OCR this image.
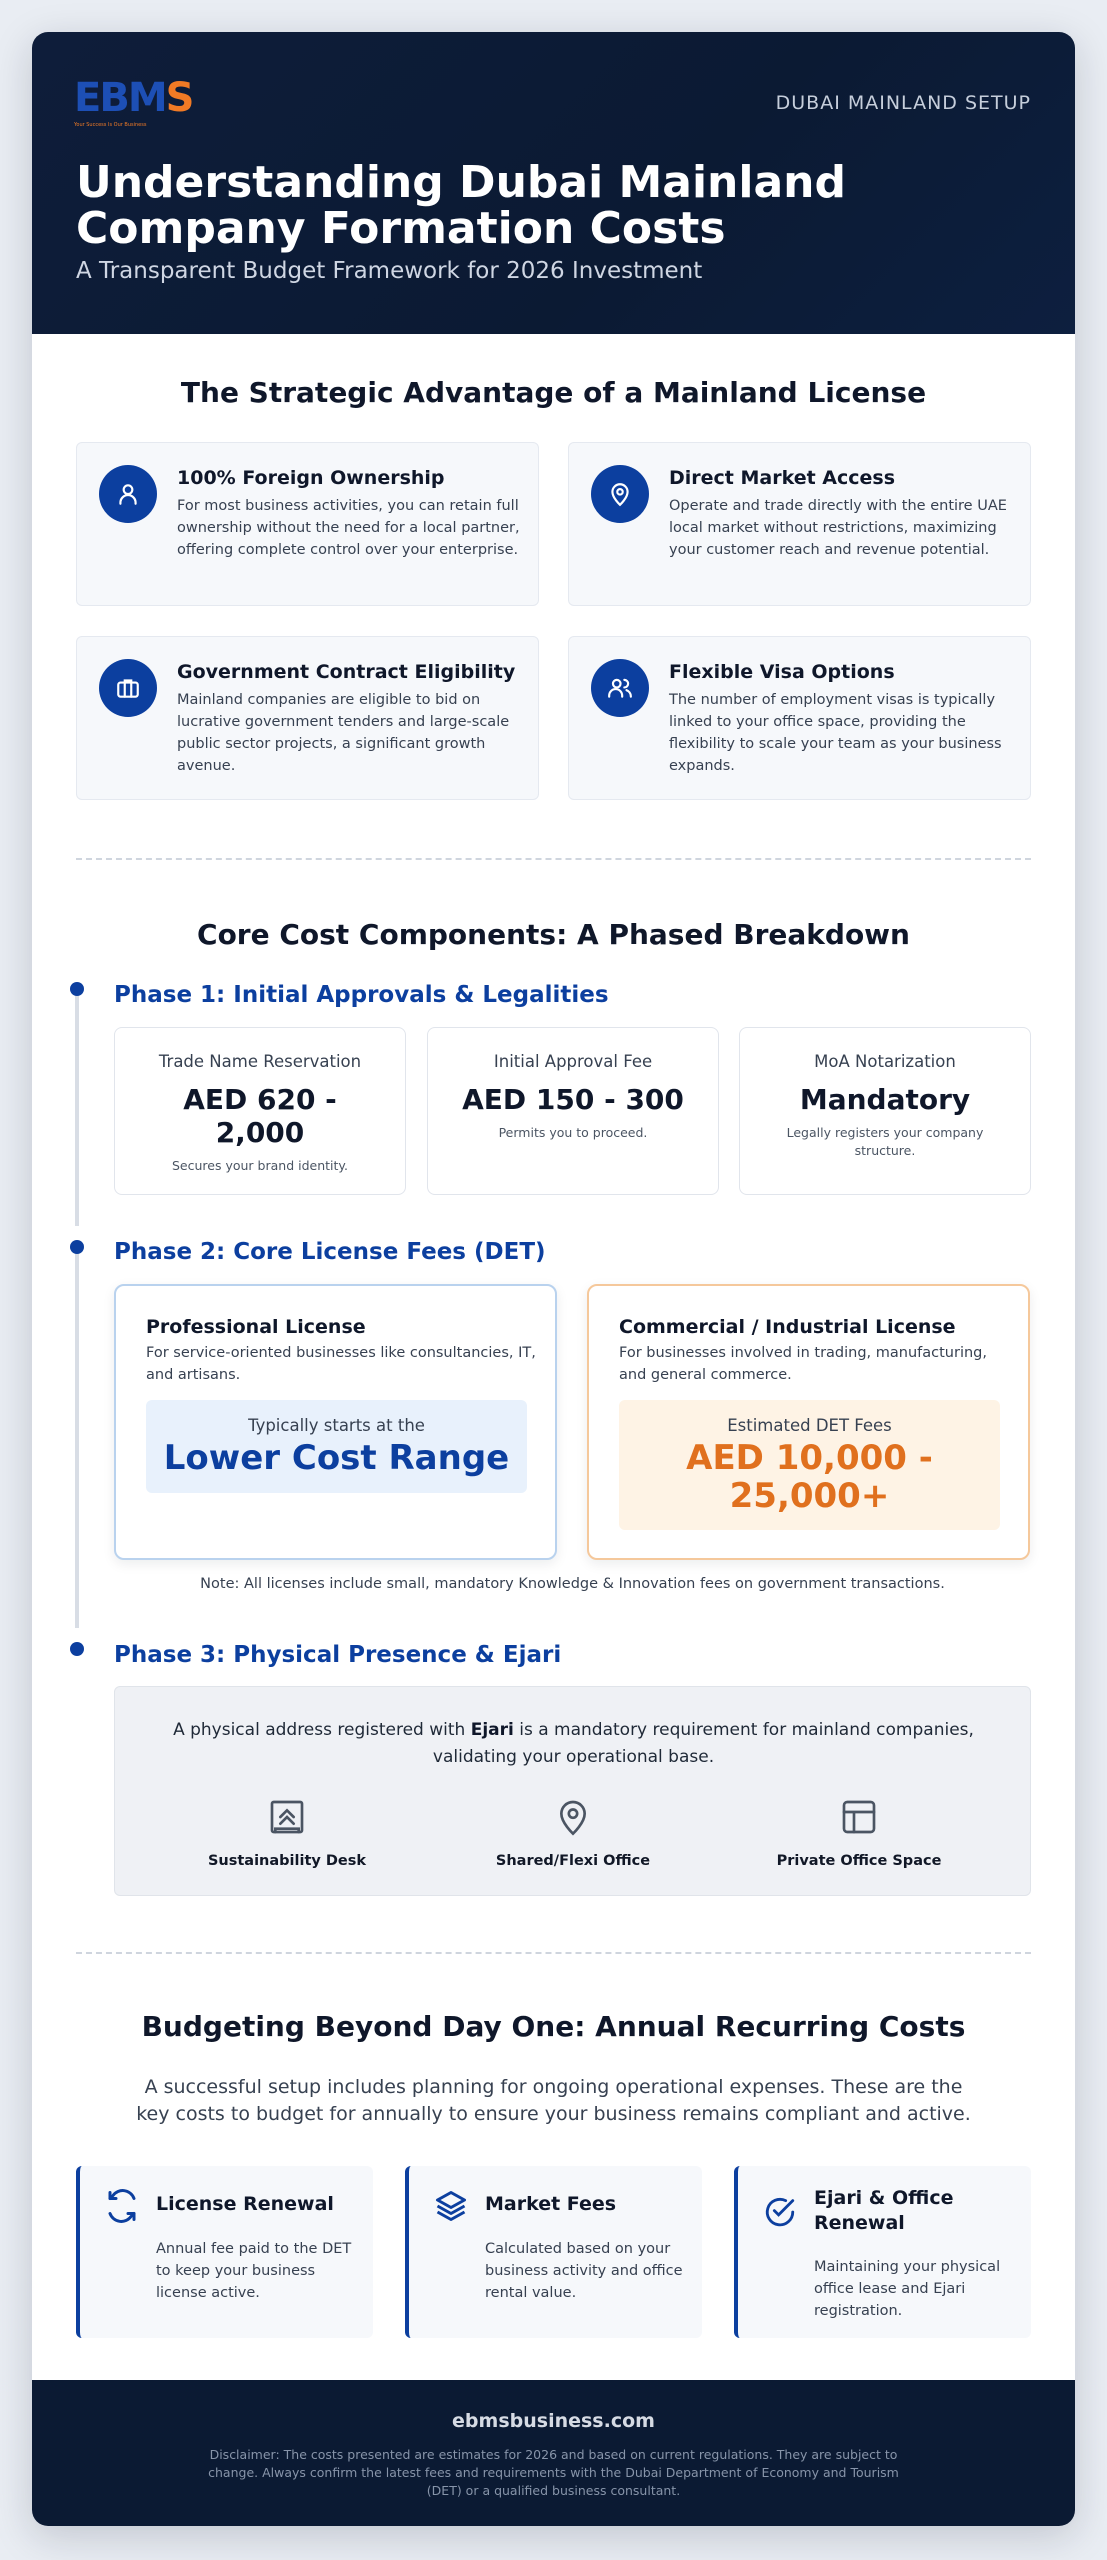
EBMS
Your Success Is Our Business
DUBAI MAINLAND SETUP
Understanding Dubai Mainland Company Formation Costs
A Transparent Budget Framework for 2026 Investment
The Strategic Advantage of a Mainland License
100% Foreign Ownership
For most business activities, you can retain full ownership without the need for a local partner, offering complete control over your enterprise.
Direct Market Access
Operate and trade directly with the entire UAE local market without restrictions, maximizing your customer reach and revenue potential.
Government Contract Eligibility
Mainland companies are eligible to bid on lucrative government tenders and large-scale public sector projects, a significant growth avenue.
Flexible Visa Options
The number of employment visas is typically linked to your office space, providing the flexibility to scale your team as your business expands.
Core Cost Components: A Phased Breakdown
Phase 1: Initial Approvals & Legalities
Trade Name Reservation
AED 620 - 2,000
Secures your brand identity.
Initial Approval Fee
AED 150 - 300
Permits you to proceed.
MoA Notarization
Mandatory
Legally registers your company structure.
Phase 2: Core License Fees (DET)
Professional License
For service-oriented businesses like consultancies, IT, and artisans.
Typically starts at the
Lower Cost Range
Commercial / Industrial License
For businesses involved in trading, manufacturing, and general commerce.
Estimated DET Fees
AED 10,000 - 25,000+
Note: All licenses include small, mandatory Knowledge & Innovation fees on government transactions.
Phase 3: Physical Presence & Ejari
A physical address registered with Ejari is a mandatory requirement for mainland companies, validating your operational base.
Sustainability Desk	Shared/Flexi Office	Private Office Space
Budgeting Beyond Day One: Annual Recurring Costs
A successful setup includes planning for ongoing operational expenses. These are the key costs to budget for annually to ensure your business remains compliant and active.
License Renewal
Annual fee paid to the DET to keep your business license active.
Market Fees
Calculated based on your business activity and office rental value.
Ejari & Office Renewal
Maintaining your physical office lease and Ejari registration.
ebmsbusiness.com
Disclaimer: The costs presented are estimates for 2026 and based on current regulations. They are subject to change. Always confirm the latest fees and requirements with the Dubai Department of Economy and Tourism (DET) or a qualified business consultant.
